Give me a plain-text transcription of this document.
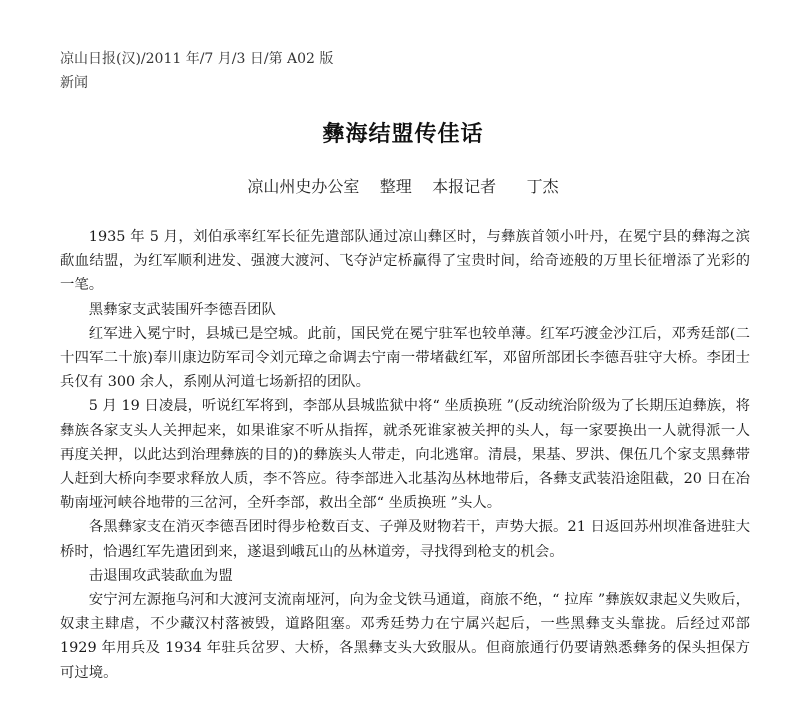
凉山日报(汉)/2011 年/7 月/3 日/第 A02 版
新闻
彝海结盟传佳话
凉山州史办公室    整理    本报记者      丁杰

1935 年 5 月，刘伯承率红军长征先遣部队通过凉山彝区时，与彝族首领小叶丹，在冕宁县的彝海之滨歃血结盟，为红军顺利进发、强渡大渡河、飞夺泸定桥赢得了宝贵时间，给奇迹般的万里长征增添了光彩的一笔。

黑彝家支武装围歼李德吾团队

红军进入冕宁时，县城已是空城。此前，国民党在冕宁驻军也较单薄。红军巧渡金沙江后，邓秀廷部(二十四军二十旅)奉川康边防军司令刘元璋之命调去宁南一带堵截红军，邓留所部团长李德吾驻守大桥。李团士兵仅有 300 余人，系刚从河道七场新招的团队。

5 月 19 日凌晨，听说红军将到，李部从县城监狱中将“ 坐质换班 ”(反动统治阶级为了长期压迫彝族，将彝族各家支头人关押起来，如果谁家不听从指挥，就杀死谁家被关押的头人，每一家要换出一人就得派一人再度关押，以此达到治理彝族的目的)的彝族头人带走，向北逃窜。清晨，果基、罗洪、倮伍几个家支黑彝带人赶到大桥向李要求释放人质，李不答应。待李部进入北基沟丛林地带后，各彝支武装沿途阻截，20 日在冶勒南垭河峡谷地带的三岔河，全歼李部，救出全部“ 坐质换班 ”头人。

各黑彝家支在消灭李德吾团时得步枪数百支、子弹及财物若干，声势大振。21 日返回苏州坝准备进驻大桥时，恰遇红军先遣团到来，遂退到峨瓦山的丛林道旁，寻找得到枪支的机会。

击退围攻武装歃血为盟

安宁河左源拖乌河和大渡河支流南垭河，向为金戈铁马通道，商旅不绝，“ 拉库 ”彝族奴隶起义失败后，奴隶主肆虐，不少藏汉村落被毁，道路阻塞。邓秀廷势力在宁属兴起后，一些黑彝支头靠拢。后经过邓部 1929 年用兵及 1934 年驻兵岔罗、大桥，各黑彝支头大致服从。但商旅通行仍要请熟悉彝务的保头担保方可过境。
